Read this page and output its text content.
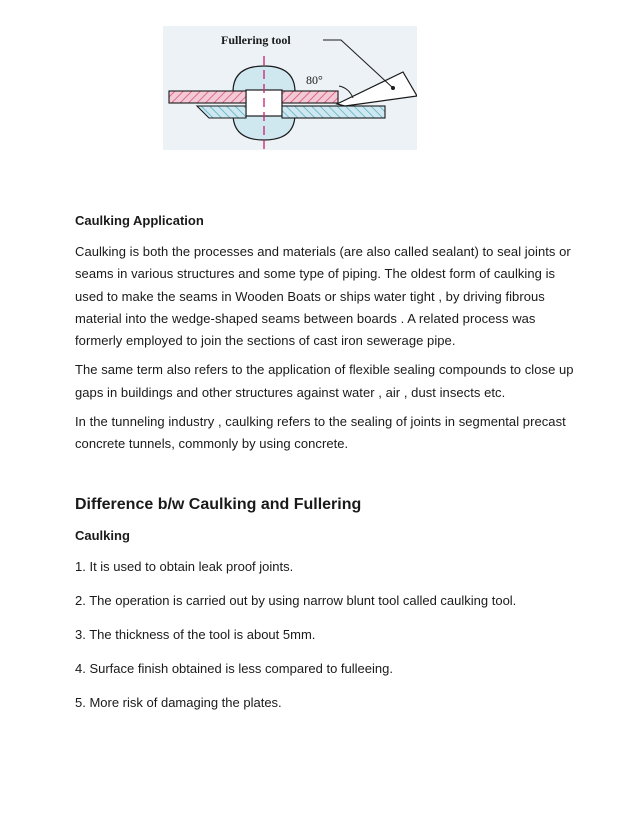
Fullering tool
80°
Caulking Application

Caulking is both the processes and materials (are also called sealant) to seal joints or seams in various structures and some type of piping. The oldest form of caulking is used to make the seams in Wooden Boats or ships water tight , by driving fibrous material into the wedge-shaped seams between boards . A related process was formerly employed to join the sections of cast iron sewerage pipe.

The same term also refers to the application of flexible sealing compounds to close up gaps in buildings and other structures against water , air , dust insects etc.

In the tunneling industry , caulking refers to the sealing of joints in segmental precast concrete tunnels, commonly by using concrete.

Difference b/w Caulking and Fullering
Caulking
1. It is used to obtain leak proof joints.
2. The operation is carried out by using narrow blunt tool called caulking tool.
3. The thickness of the tool is about 5mm.
4. Surface finish obtained is less compared to fulleeing.
5. More risk of damaging the plates.
